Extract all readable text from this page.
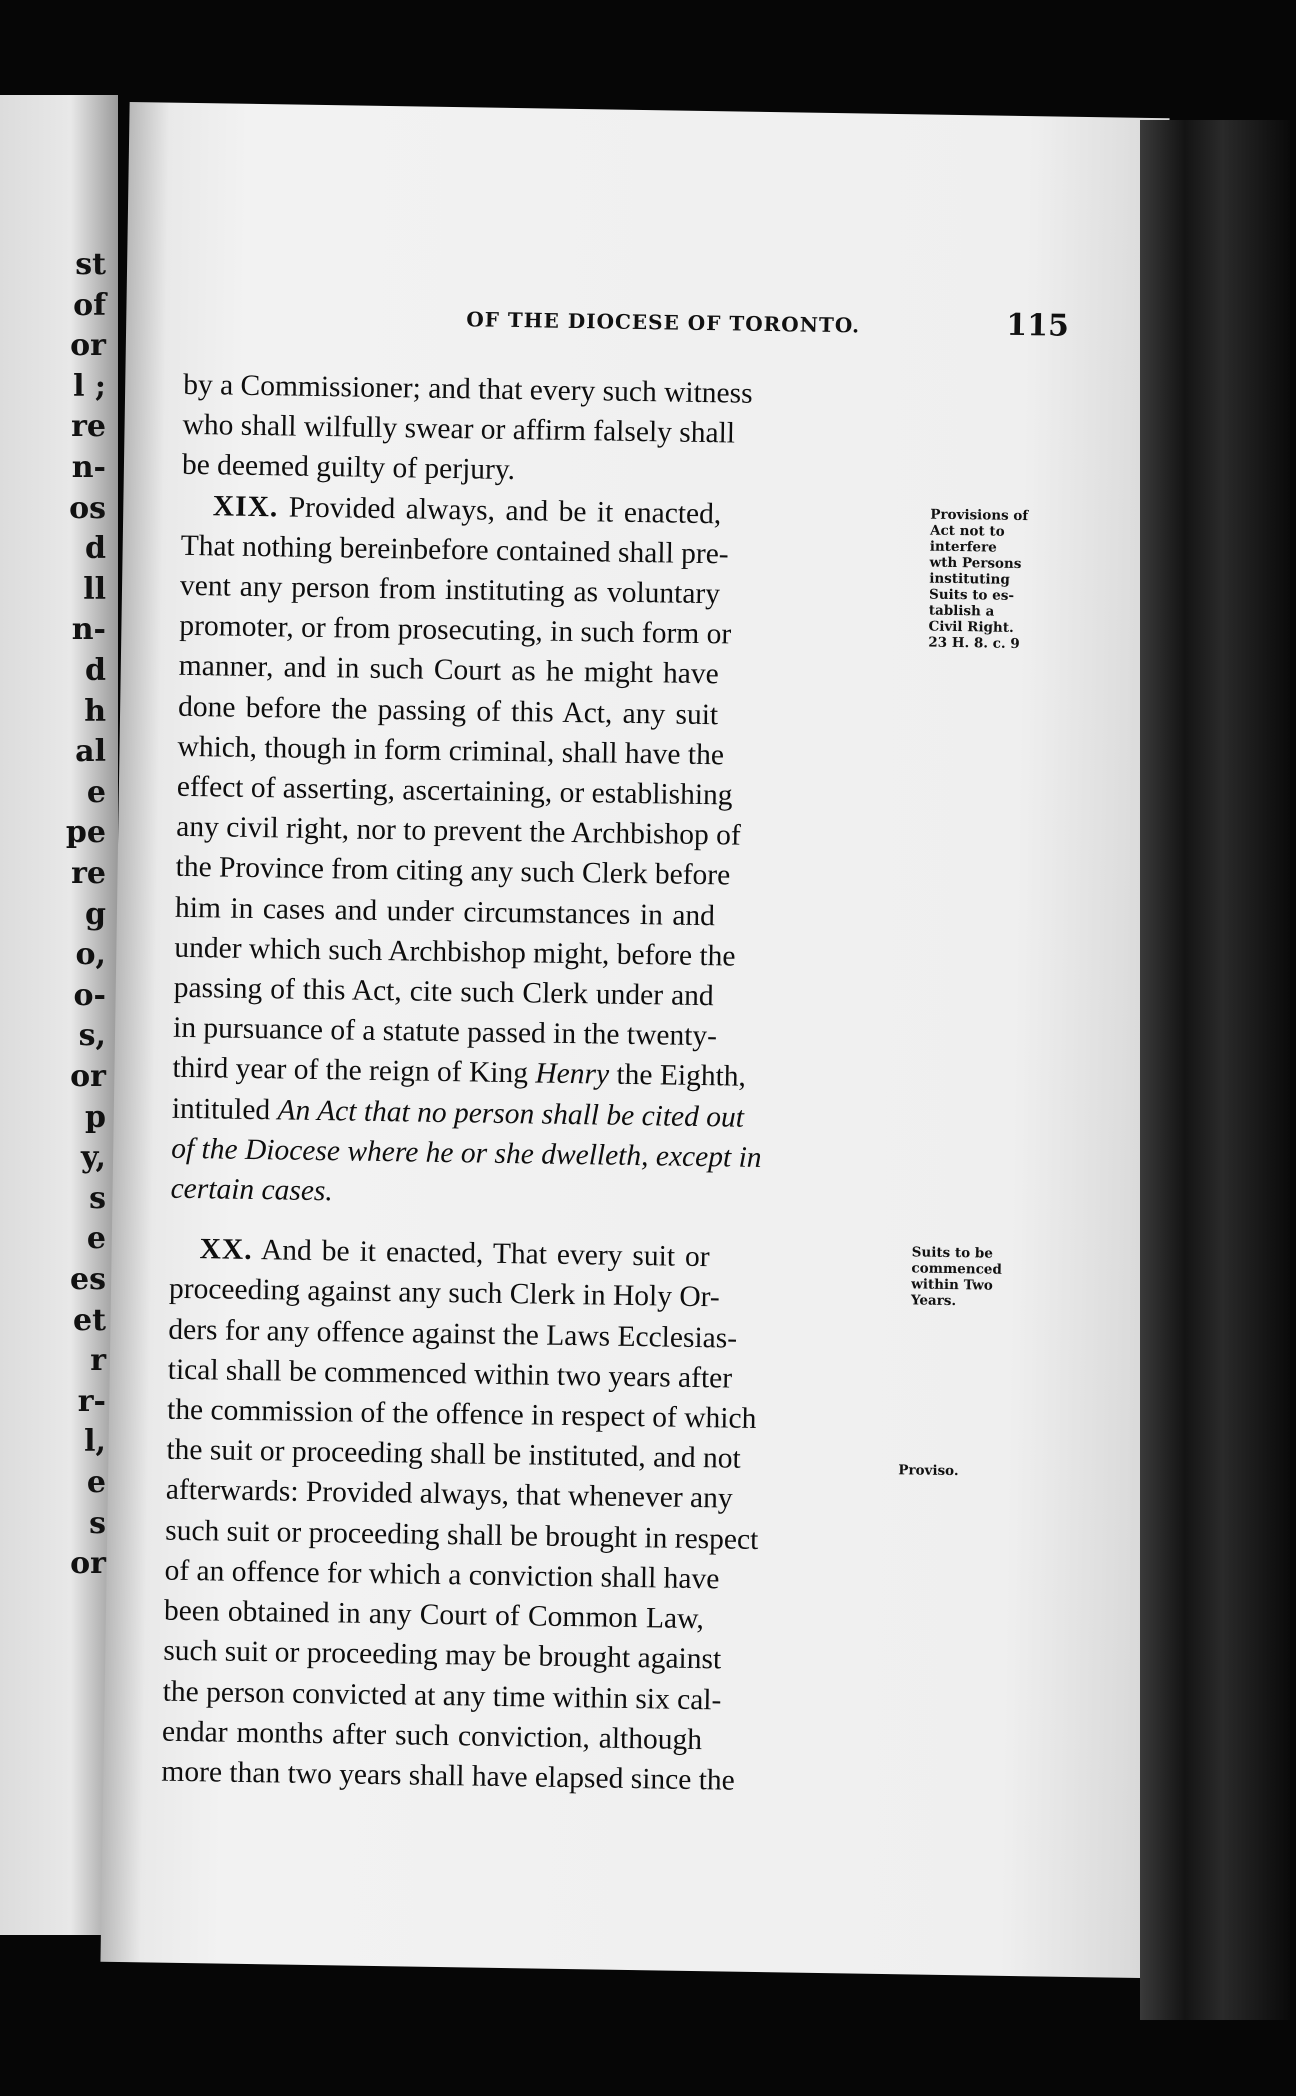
st
of
or
l ;
re
n-
os
d
ll
n-
d
h
al
e
pe
re
g
o,
o-
s,
or
p
y,
s
e
es
et
r
r-
l,
e
s
or
OF THE DIOCESE OF TORONTO.	115
by a Commissioner; and that every such witness
who shall wilfully swear or affirm falsely shall
be deemed guilty of perjury.
XIX. Provided always, and be it enacted,
That nothing bereinbefore contained shall pre-
vent any person from instituting as voluntary
promoter, or from prosecuting, in such form or
manner, and in such Court as he might have
done before the passing of this Act, any suit
which, though in form criminal, shall have the
effect of asserting, ascertaining, or establishing
any civil right, nor to prevent the Archbishop of
the Province from citing any such Clerk before
him in cases and under circumstances in and
under which such Archbishop might, before the
passing of this Act, cite such Clerk under and
in pursuance of a statute passed in the twenty-
third year of the reign of King Henry the Eighth,
intituled An Act that no person shall be cited out
of the Diocese where he or she dwelleth, except in
certain cases.
XX. And be it enacted, That every suit or
proceeding against any such Clerk in Holy Or-
ders for any offence against the Laws Ecclesias-
tical shall be commenced within two years after
the commission of the offence in respect of which
the suit or proceeding shall be instituted, and not
afterwards: Provided always, that whenever any
such suit or proceeding shall be brought in respect
of an offence for which a conviction shall have
been obtained in any Court of Common Law,
such suit or proceeding may be brought against
the person convicted at any time within six cal-
endar months after such conviction, although
more than two years shall have elapsed since the
Provisions of
Act not to
interfere
wth Persons
instituting
Suits to es-
tablish a
Civil Right.
23 H. 8. c. 9
Suits to be
commenced
within Two
Years.
Proviso.
